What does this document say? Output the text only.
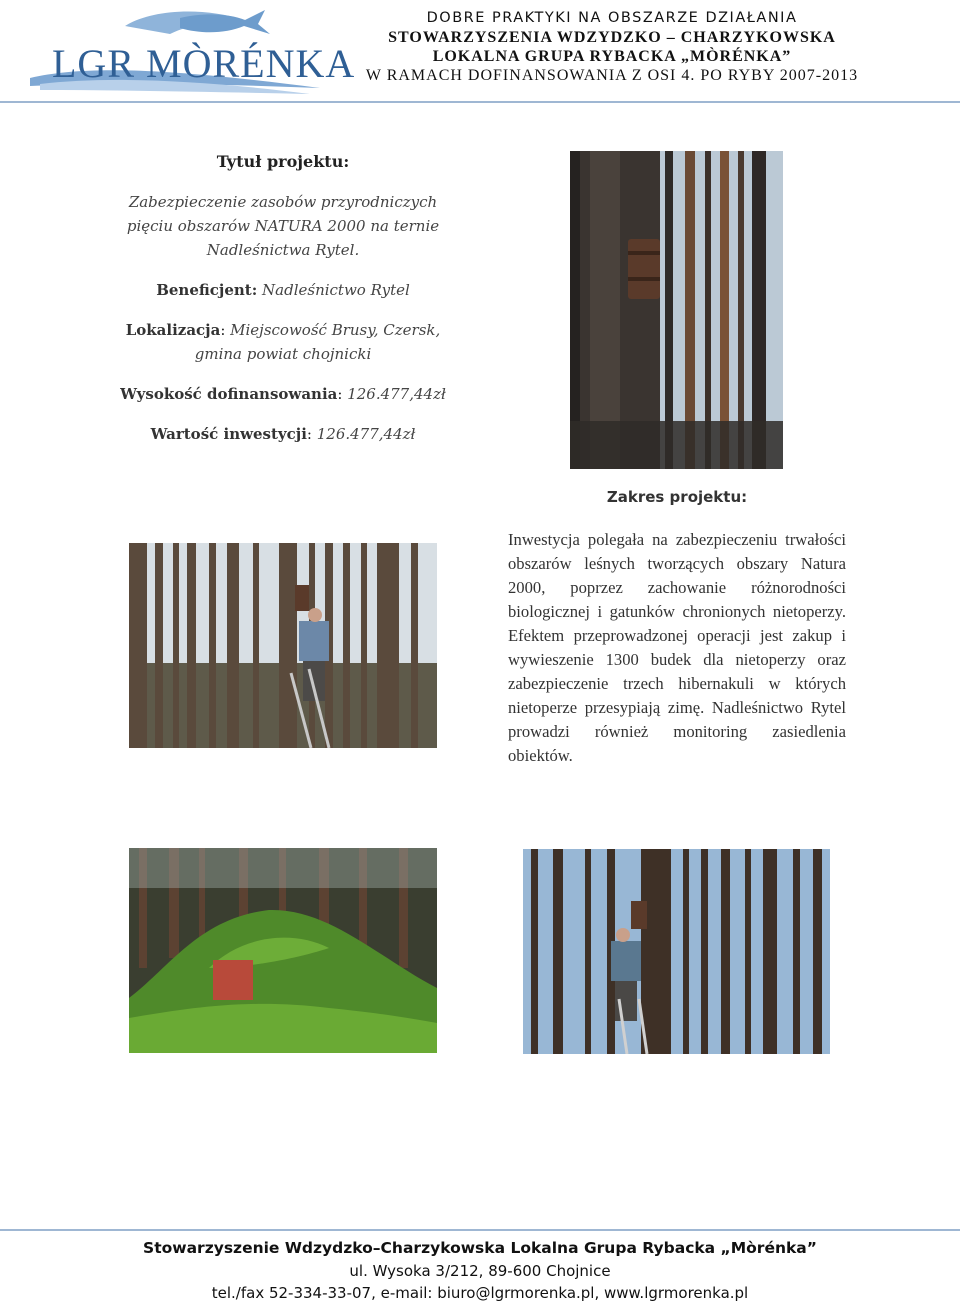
LGR MÒRÉNKA
DOBRE PRAKTYKI NA OBSZARZE DZIAŁANIA
STOWARZYSZENIA WDZYDZKO – CHARZYKOWSKA
LOKALNA GRUPA RYBACKA „MÒRÉNKA”
W RAMACH DOFINANSOWANIA Z OSI 4. PO RYBY 2007-2013
Tytuł projektu:
Zabezpieczenie zasobów przyrodniczych pięciu obszarów NATURA 2000 na ternie Nadleśnictwa Rytel.
Beneficjent: Nadleśnictwo Rytel
Lokalizacja: Miejscowość Brusy, Czersk, gmina powiat chojnicki
Wysokość dofinansowania: 126.477,44zł
Wartość inwestycji: 126.477,44zł
Zakres projektu:
Inwestycja polegała na zabezpieczeniu trwałości obszarów leśnych tworzących obszary Natura 2000, poprzez zachowanie różnorodności biologicznej i gatunków chronionych nietoperzy. Efektem przeprowadzonej operacji jest zakup i wywieszenie 1300 budek dla nietoperzy oraz zabezpieczenie trzech hibernakuli w których nietoperze przesypiają zimę. Nadleśnictwo Rytel prowadzi również monitoring zasiedlenia obiektów.
Stowarzyszenie Wdzydzko–Charzykowska Lokalna Grupa Rybacka „Mòrénka”
ul. Wysoka 3/212, 89-600 Chojnice
tel./fax 52-334-33-07, e-mail: biuro@lgrmorenka.pl, www.lgrmorenka.pl
